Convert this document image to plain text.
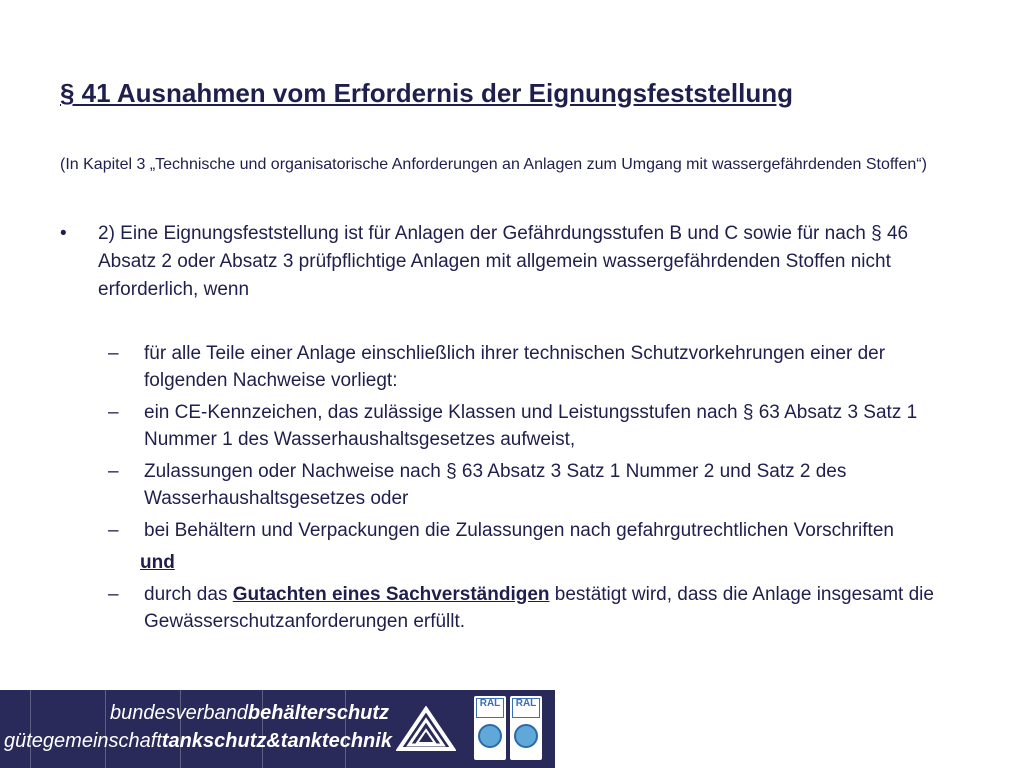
§ 41 Ausnahmen vom Erfordernis der Eignungsfeststellung

(In Kapitel 3 „Technische und organisatorische Anforderungen an Anlagen zum Umgang mit wassergefährdenden Stoffen“)

• 2) Eine Eignungsfeststellung ist für Anlagen der Gefährdungsstufen B und C sowie für nach § 46 Absatz 2 oder Absatz 3 prüfpflichtige Anlagen mit allgemein wassergefährdenden Stoffen nicht erforderlich, wenn
– für alle Teile einer Anlage einschließlich ihrer technischen Schutzvorkehrungen einer der folgenden Nachweise vorliegt:
– ein CE-Kennzeichen, das zulässige Klassen und Leistungsstufen nach § 63 Absatz 3 Satz 1 Nummer 1 des Wasserhaushaltsgesetzes aufweist,
– Zulassungen oder Nachweise nach § 63 Absatz 3 Satz 1 Nummer 2 und Satz 2 des Wasserhaushaltsgesetzes oder
– bei Behältern und Verpackungen die Zulassungen nach gefahrgutrechtlichen Vorschriften
und
– durch das Gutachten eines Sachverständigen bestätigt wird, dass die Anlage insgesamt die Gewässerschutzanforderungen erfüllt.
bundesverbandbehälterschutz
gütegemeinschafttankschutz&tanktechnik
RAL	RAL
